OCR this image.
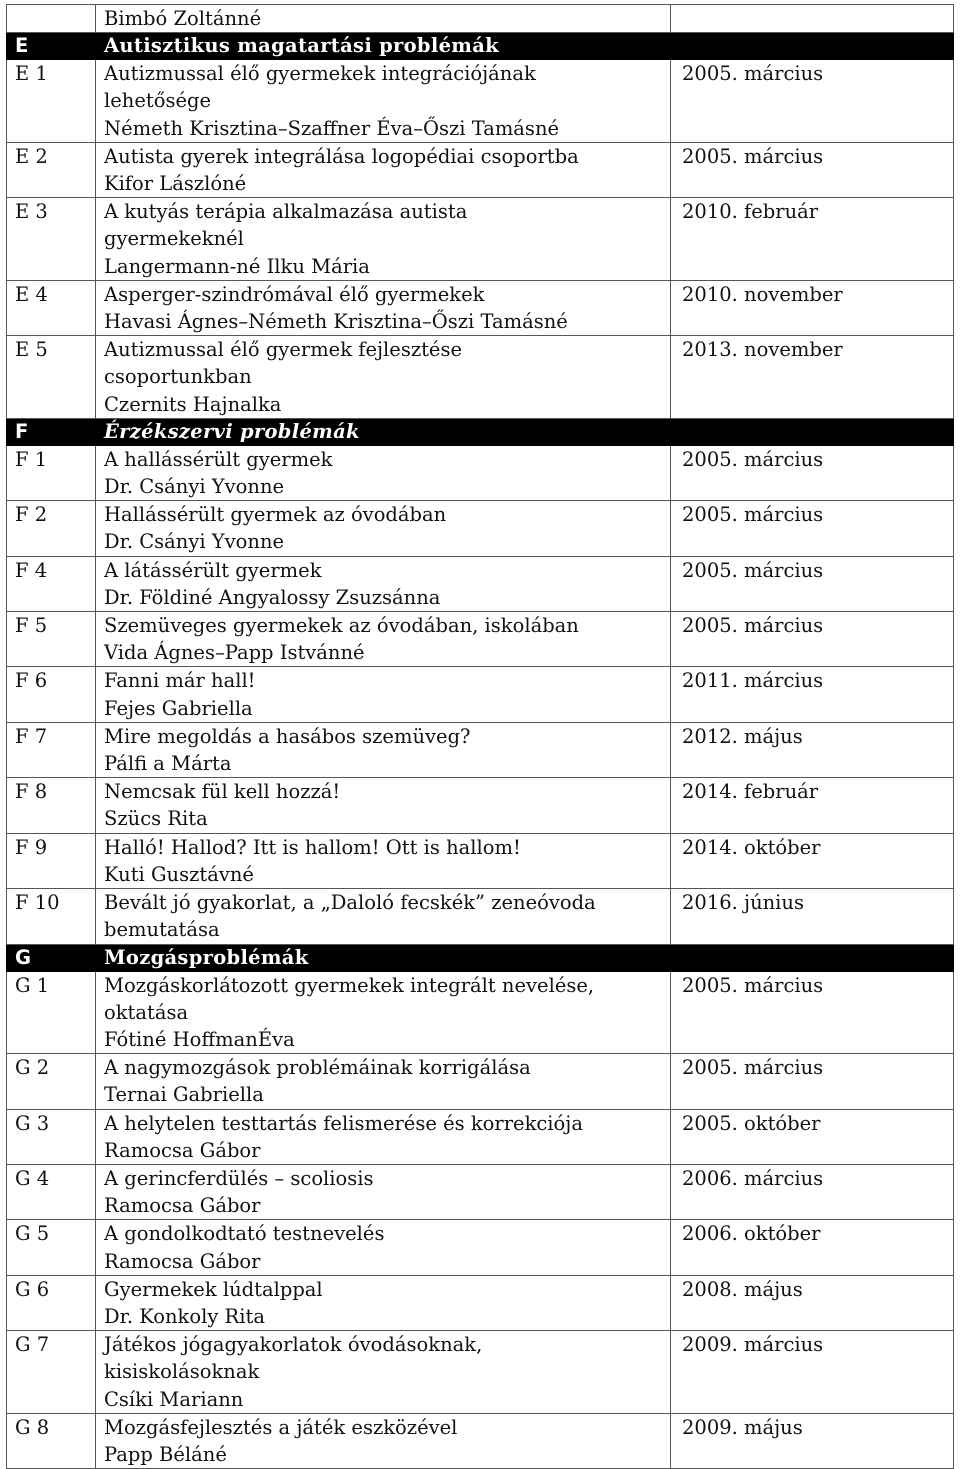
	Bimbó Zoltánné	

E	Autisztikus magatartási problémák	
E 1	Autizmussal élő gyermekek integrációjának
lehetősége
Németh Krisztina–Szaffner Éva–Őszi Tamásné	2005. március
E 2	Autista gyerek integrálása logopédiai csoportba
Kifor Lászlóné	2005. március
E 3	A kutyás terápia alkalmazása autista
gyermekeknél
Langermann-né Ilku Mária	2010. február
E 4	Asperger-szindrómával élő gyermekek
Havasi Ágnes–Németh Krisztina–Őszi Tamásné	2010. november
E 5	Autizmussal élő gyermek fejlesztése
csoportunkban
Czernits Hajnalka	2013. november
F	Érzékszervi problémák	
F 1	A hallássérült gyermek
Dr. Csányi Yvonne	2005. március
F 2	Hallássérült gyermek az óvodában
Dr. Csányi Yvonne	2005. március
F 4	A látássérült gyermek
Dr. Földiné Angyalossy Zsuzsánna	2005. március
F 5	Szemüveges gyermekek az óvodában, iskolában
Vida Ágnes–Papp Istvánné	2005. március
F 6	Fanni már hall!
Fejes Gabriella	2011. március
F 7	Mire megoldás a hasábos szemüveg?
Pálfi a Márta	2012. május
F 8	Nemcsak fül kell hozzá!
Szücs Rita	2014. február
F 9	Halló! Hallod? Itt is hallom! Ott is hallom!
Kuti Gusztávné	2014. október
F 10	Bevált jó gyakorlat, a „Daloló fecskék” zeneóvoda
bemutatása	2016. június
G	Mozgásproblémák	
G 1	Mozgáskorlátozott gyermekek integrált nevelése,
oktatása
Fótiné HoffmanÉva	2005. március
G 2	A nagymozgások problémáinak korrigálása
Ternai Gabriella	2005. március
G 3	A helytelen testtartás felismerése és korrekciója
Ramocsa Gábor	2005. október
G 4	A gerincferdülés – scoliosis
Ramocsa Gábor	2006. március
G 5	A gondolkodtató testnevelés
Ramocsa Gábor	2006. október
G 6	Gyermekek lúdtalppal
Dr. Konkoly Rita	2008. május
G 7	Játékos jógagyakorlatok óvodásoknak,
kisiskolásoknak
Csíki Mariann	2009. március
G 8	Mozgásfejlesztés a játék eszközével
Papp Béláné	2009. május
